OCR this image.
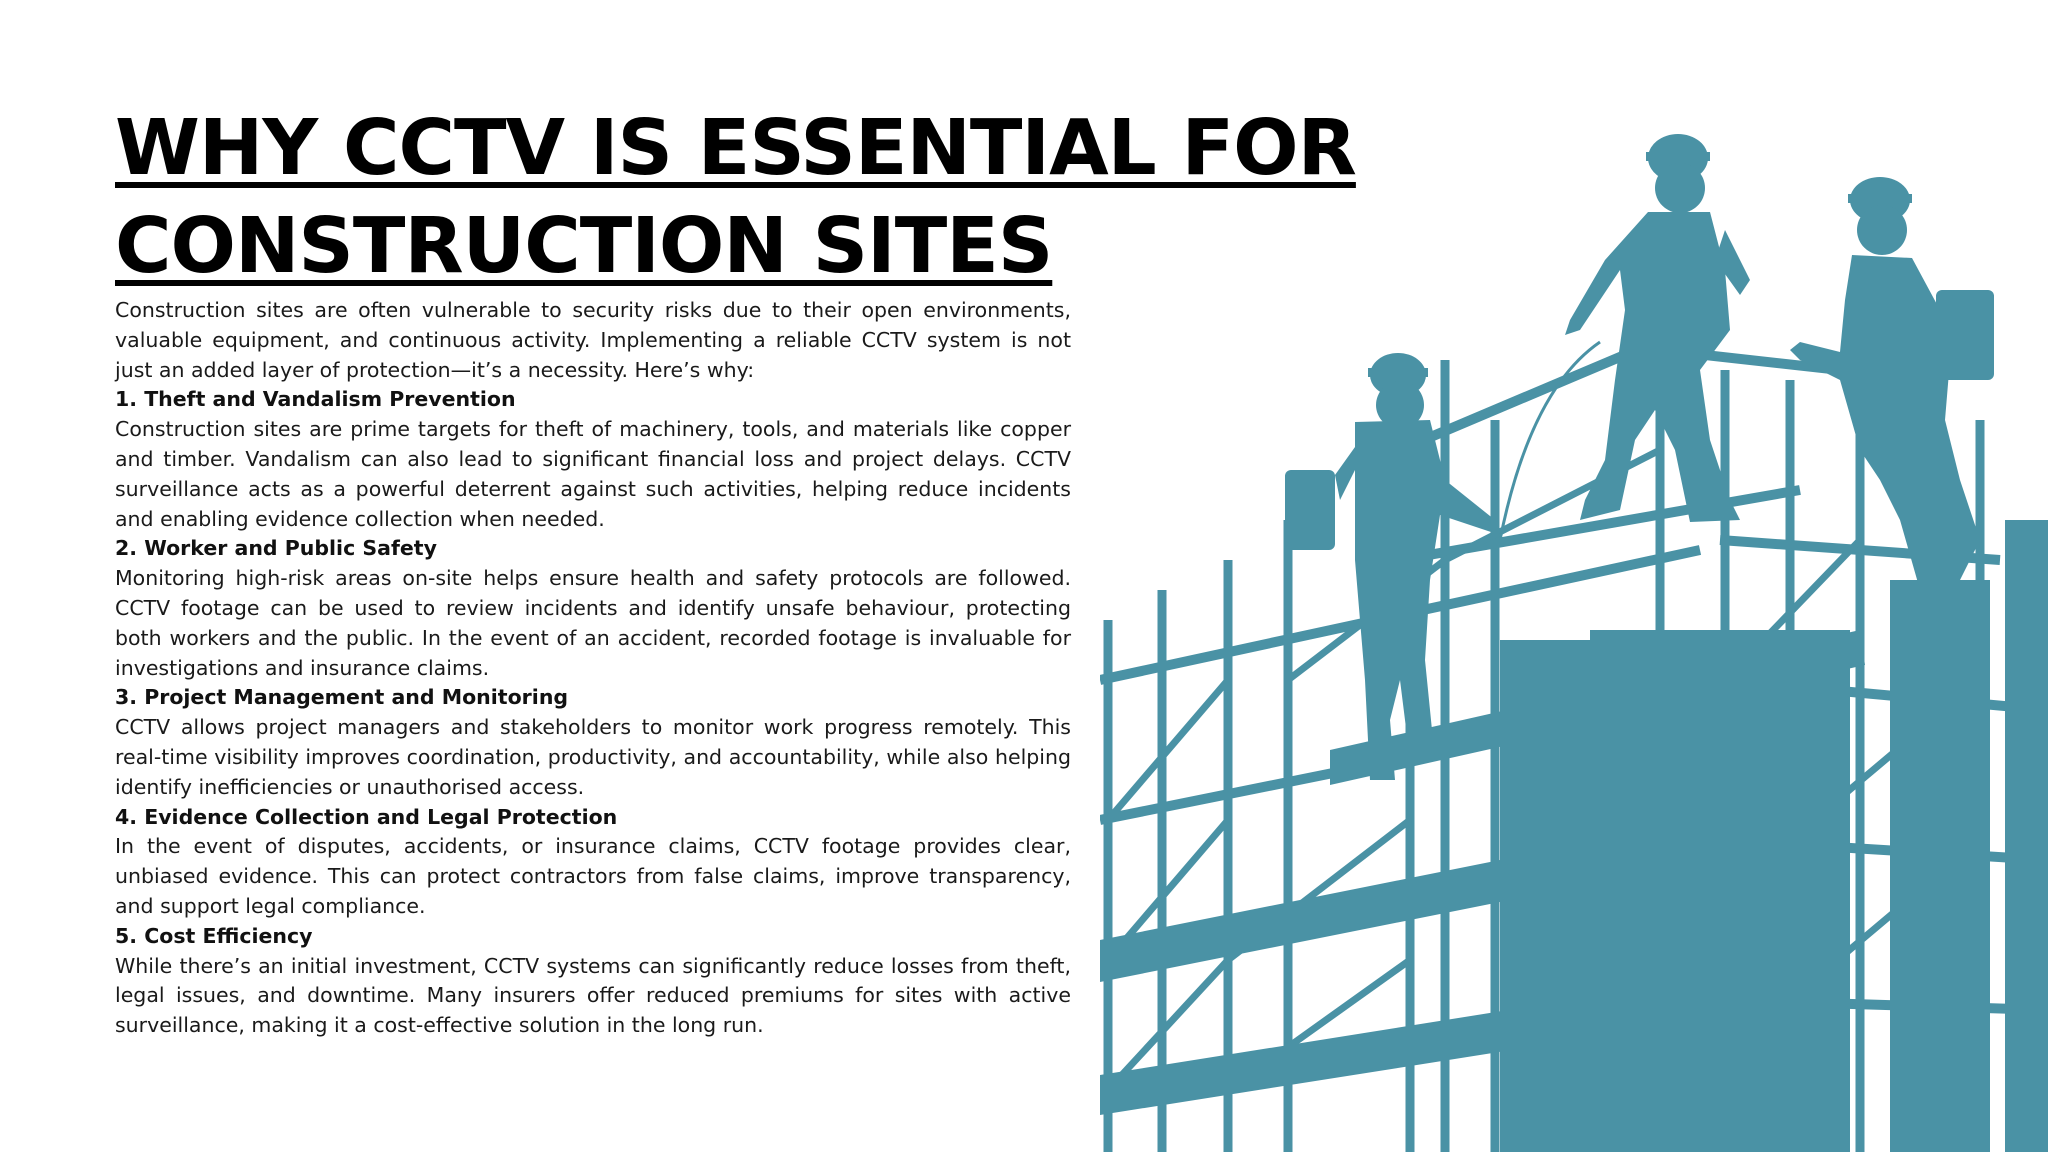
WHY CCTV IS ESSENTIAL FOR
CONSTRUCTION SITES

Construction sites are often vulnerable to security risks due to their open environments, valuable equipment, and continuous activity. Implementing a reliable CCTV system is not just an added layer of protection—it’s a necessity. Here’s why:

1. Theft and Vandalism Prevention

Construction sites are prime targets for theft of machinery, tools, and materials like copper and timber. Vandalism can also lead to significant financial loss and project delays. CCTV surveillance acts as a powerful deterrent against such activities, helping reduce incidents and enabling evidence collection when needed.

2. Worker and Public Safety

Monitoring high-risk areas on-site helps ensure health and safety protocols are followed. CCTV footage can be used to review incidents and identify unsafe behaviour, protecting both workers and the public. In the event of an accident, recorded footage is invaluable for investigations and insurance claims.

3. Project Management and Monitoring

CCTV allows project managers and stakeholders to monitor work progress remotely. This real-time visibility improves coordination, productivity, and accountability, while also helping identify inefficiencies or unauthorised access.

4. Evidence Collection and Legal Protection

In the event of disputes, accidents, or insurance claims, CCTV footage provides clear, unbiased evidence. This can protect contractors from false claims, improve transparency, and support legal compliance.

5. Cost Efficiency

While there’s an initial investment, CCTV systems can significantly reduce losses from theft, legal issues, and downtime. Many insurers offer reduced premiums for sites with active surveillance, making it a cost-effective solution in the long run.
